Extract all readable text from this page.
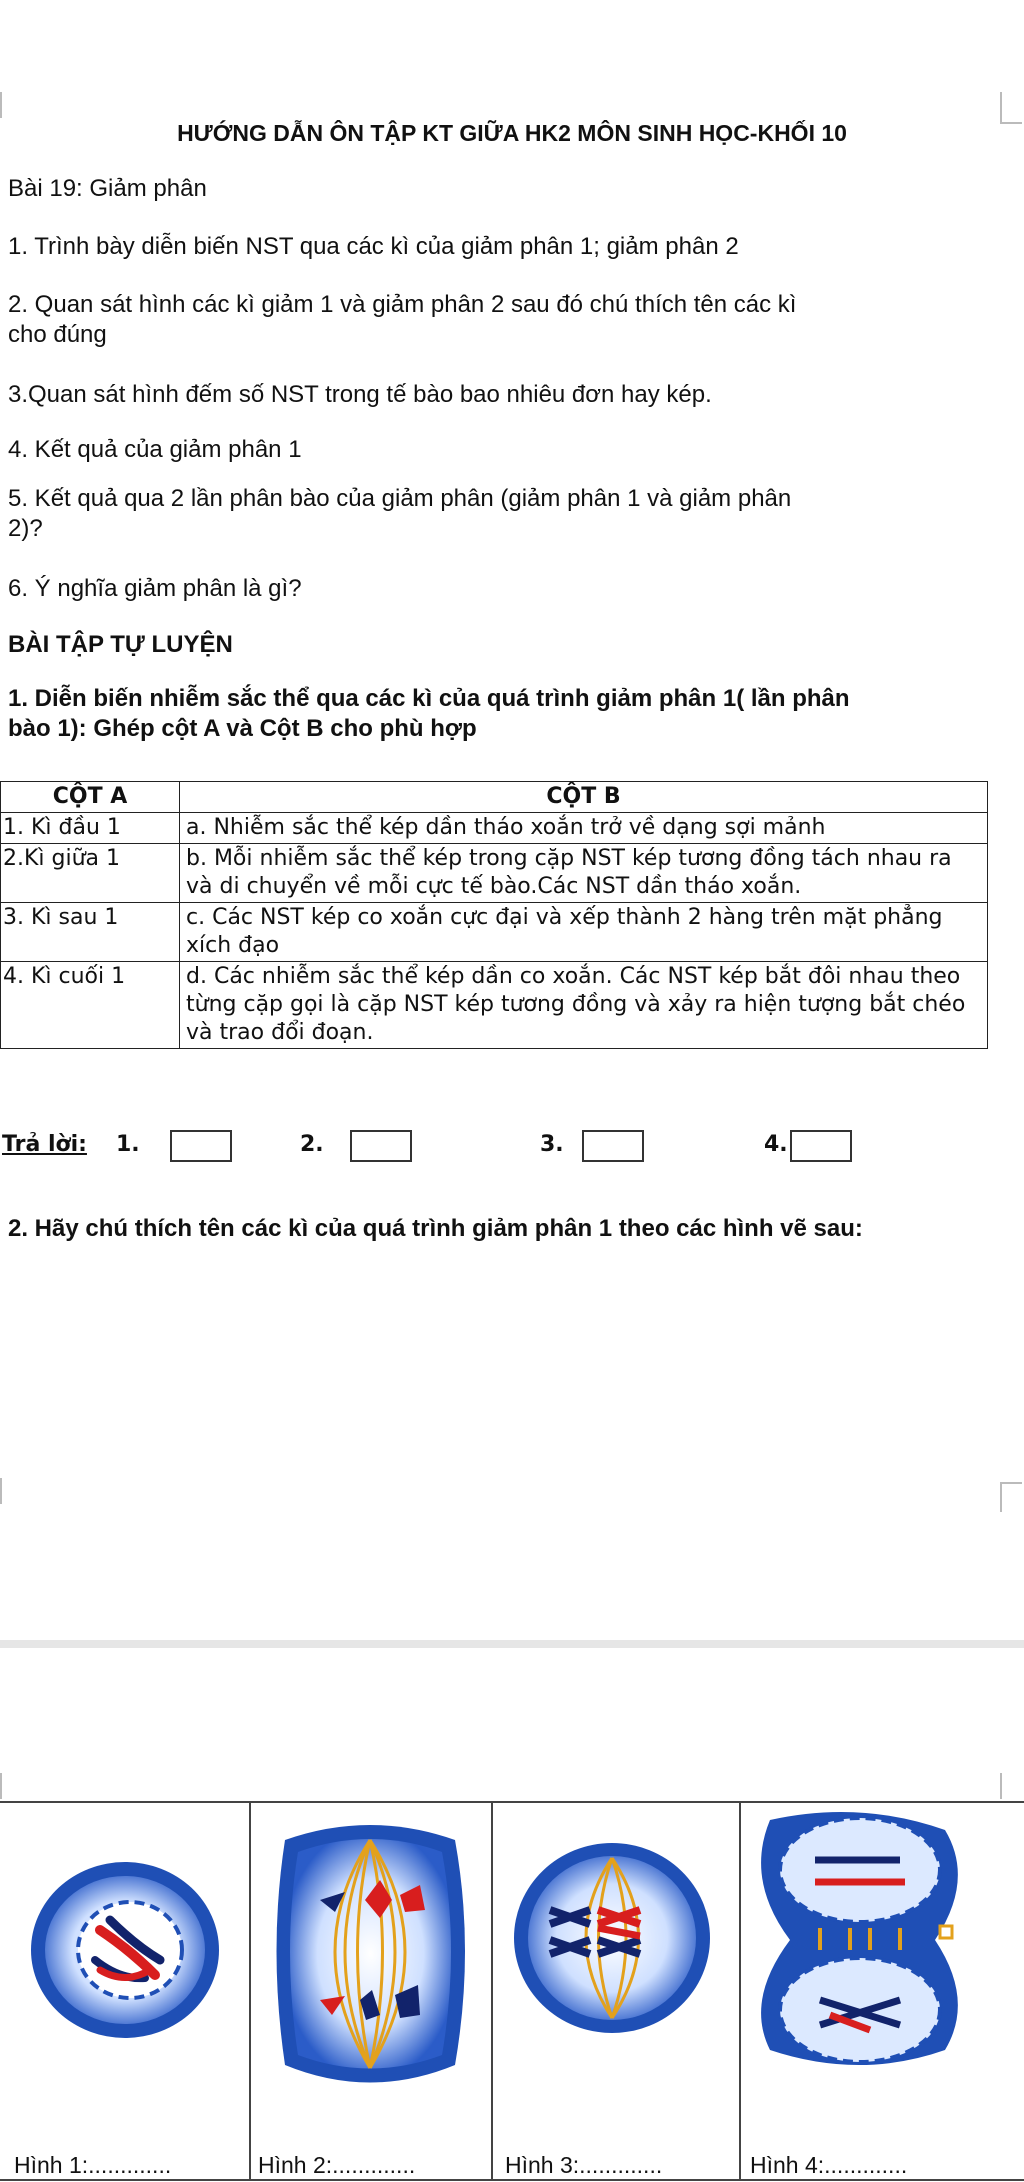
HƯỚNG DẪN ÔN TẬP KT GIỮA HK2 MÔN SINH HỌC-KHỐI 10
Bài 19: Giảm phân
1. Trình bày diễn biến NST qua các kì của giảm phân 1; giảm phân 2
2. Quan sát hình các kì giảm 1 và giảm phân 2 sau đó chú thích tên các kì
cho đúng
3.Quan sát hình đếm số NST trong tế bào bao nhiêu đơn hay kép.
4. Kết quả của giảm phân 1
5. Kết quả qua 2 lần phân bào của giảm phân (giảm phân 1 và giảm phân
2)?
6. Ý nghĩa giảm phân là gì?
BÀI TẬP TỰ LUYỆN
1. Diễn biến nhiễm sắc thể qua các kì của quá trình giảm phân 1( lần phân
bào 1): Ghép cột A và Cột B cho phù hợp
CỘT A	CỘT B
1. Kì đầu 1	a. Nhiễm sắc thể kép dần tháo xoắn trở về dạng sợi mảnh
2.Kì giữa 1	b. Mỗi nhiễm sắc thể kép trong cặp NST kép tương đồng tách nhau ra và di chuyển về mỗi cực tế bào.Các NST dần tháo xoắn.
3. Kì sau 1	c. Các NST kép co xoắn cực đại và xếp thành 2 hàng trên mặt phẳng xích đạo
4. Kì cuối 1	d. Các nhiễm sắc thể kép dần co xoắn. Các NST kép bắt đôi nhau theo từng cặp gọi là cặp NST kép tương đồng và xảy ra hiện tượng bắt chéo và trao đổi đoạn.
Trả lời: 1.	2.	3.	4.
2. Hãy chú thích tên các kì của quá trình giảm phân 1 theo các hình vẽ sau:
Hình 1:.............	Hình 2:.............	Hình 3:.............	Hình 4:.............
